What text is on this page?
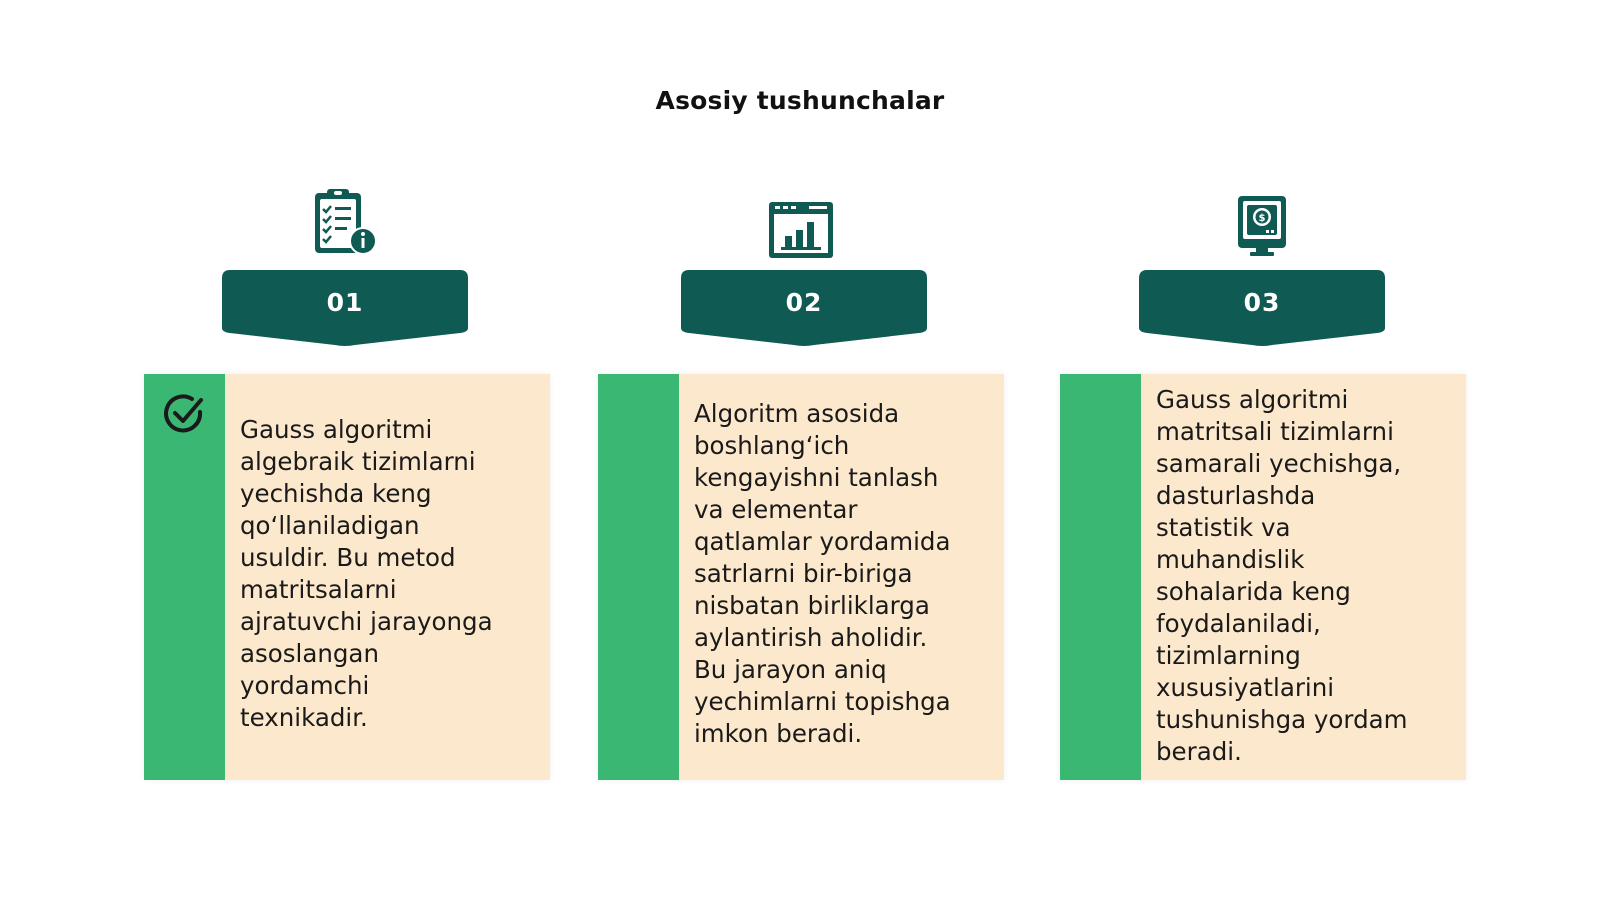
Asosiy tushunchalar
01
Gauss algoritmi
algebraik tizimlarni
yechishda keng
qo‘llaniladigan
usuldir. Bu metod
matritsalarni
ajratuvchi jarayonga
asoslangan
yordamchi
texnikadir.
02
Algoritm asosida
boshlang‘ich
kengayishni tanlash
va elementar
qatlamlar yordamida
satrlarni bir-biriga
nisbatan birliklarga
aylantirish aholidir.
Bu jarayon aniq
yechimlarni topishga
imkon beradi.
$
03
Gauss algoritmi
matritsali tizimlarni
samarali yechishga,
dasturlashda
statistik va
muhandislik
sohalarida keng
foydalaniladi,
tizimlarning
xususiyatlarini
tushunishga yordam
beradi.
